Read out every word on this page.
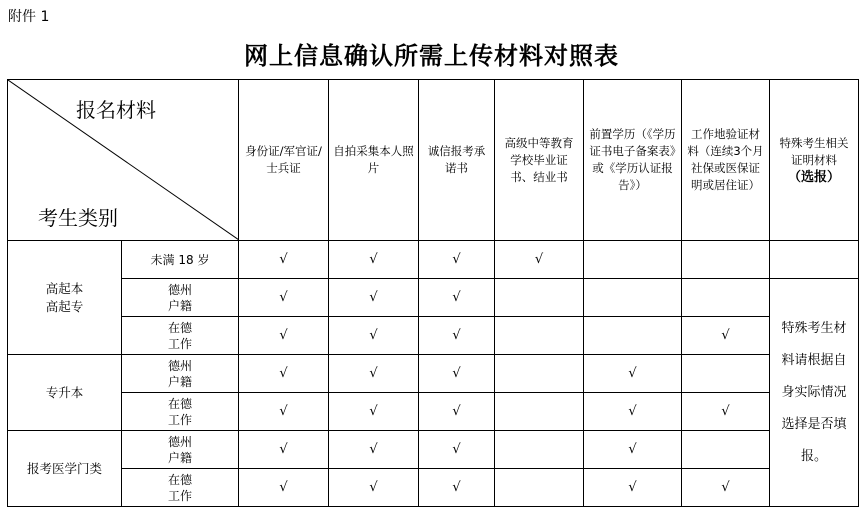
附件 1
网上信息确认所需上传材料对照表
报名材料
考生类别		身份证/军官证/士兵证	自拍采集本人照片	诚信报考承诺书	高级中等教育学校毕业证书、结业书	前置学历（《学历证书电子备案表》或《学历认证报告》）	工作地验证材料（连续3个月社保或医保证明或居住证）	特殊考生相关证明材料
（选报）
高起本
高起专	未满 18 岁	√	√	√	√			
	德州
户籍	√	√	√				特殊考生材料请根据自身实际情况选择是否填报。
	在德
工作	√	√	√			√	
专升本	德州
户籍	√	√	√		√		
	在德
工作	√	√	√		√	√	
报考医学门类	德州
户籍	√	√	√		√		
	在德
工作	√	√	√		√	√	
